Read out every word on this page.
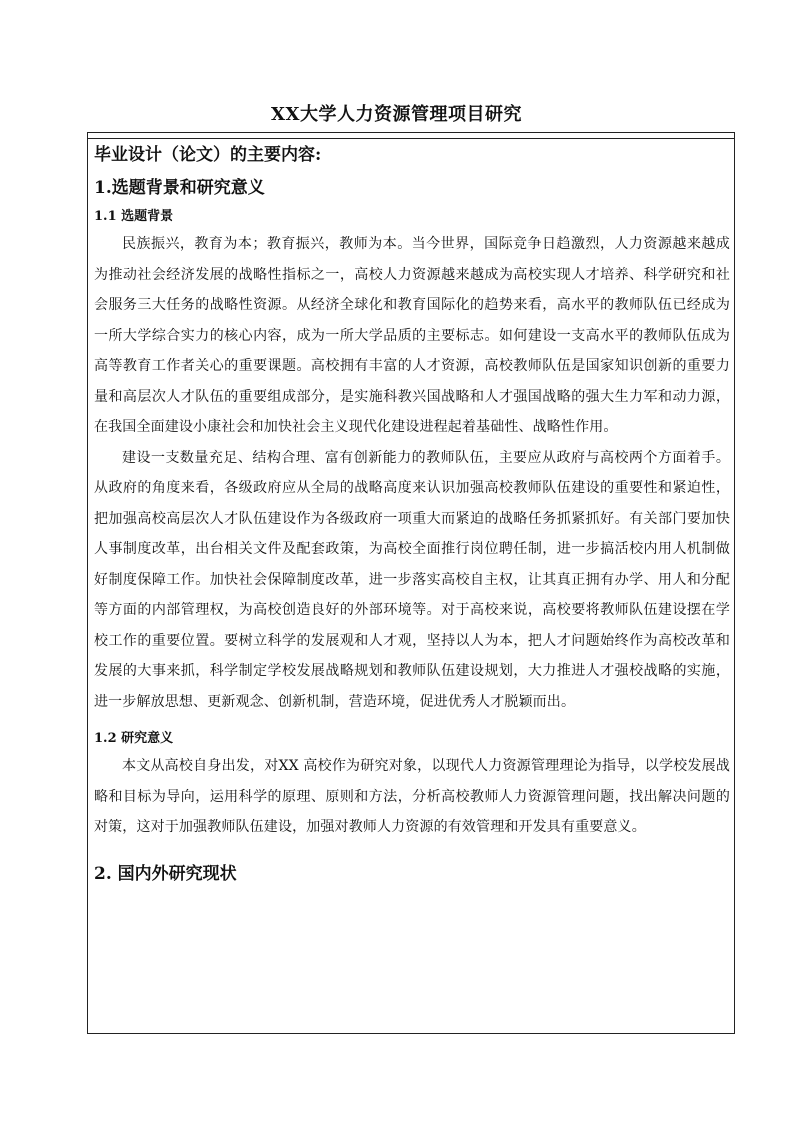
XX大学人力资源管理项目研究
毕业设计（论文）的主要内容:
1.选题背景和研究意义
1.1 选题背景

民族振兴，教育为本；教育振兴，教师为本。当今世界，国际竞争日趋激烈，人力资源越来越成为推动社会经济发展的战略性指标之一，高校人力资源越来越成为高校实现人才培养、科学研究和社会服务三大任务的战略性资源。从经济全球化和教育国际化的趋势来看，高水平的教师队伍已经成为一所大学综合实力的核心内容，成为一所大学品质的主要标志。如何建设一支高水平的教师队伍成为高等教育工作者关心的重要课题。高校拥有丰富的人才资源，高校教师队伍是国家知识创新的重要力量和高层次人才队伍的重要组成部分，是实施科教兴国战略和人才强国战略的强大生力军和动力源，在我国全面建设小康社会和加快社会主义现代化建设进程起着基础性、战略性作用。

建设一支数量充足、结构合理、富有创新能力的教师队伍，主要应从政府与高校两个方面着手。从政府的角度来看，各级政府应从全局的战略高度来认识加强高校教师队伍建设的重要性和紧迫性，把加强高校高层次人才队伍建设作为各级政府一项重大而紧迫的战略任务抓紧抓好。有关部门要加快人事制度改革，出台相关文件及配套政策，为高校全面推行岗位聘任制，进一步搞活校内用人机制做好制度保障工作。加快社会保障制度改革，进一步落实高校自主权，让其真正拥有办学、用人和分配等方面的内部管理权，为高校创造良好的外部环境等。对于高校来说，高校要将教师队伍建设摆在学校工作的重要位置。要树立科学的发展观和人才观，坚持以人为本，把人才问题始终作为高校改革和发展的大事来抓，科学制定学校发展战略规划和教师队伍建设规划，大力推进人才强校战略的实施，进一步解放思想、更新观念、创新机制，营造环境，促进优秀人才脱颖而出。

1.2 研究意义

本文从高校自身出发，对XX 高校作为研究对象，以现代人力资源管理理论为指导，以学校发展战略和目标为导向，运用科学的原理、原则和方法，分析高校教师人力资源管理问题，找出解决问题的对策，这对于加强教师队伍建设，加强对教师人力资源的有效管理和开发具有重要意义。

2. 国内外研究现状
